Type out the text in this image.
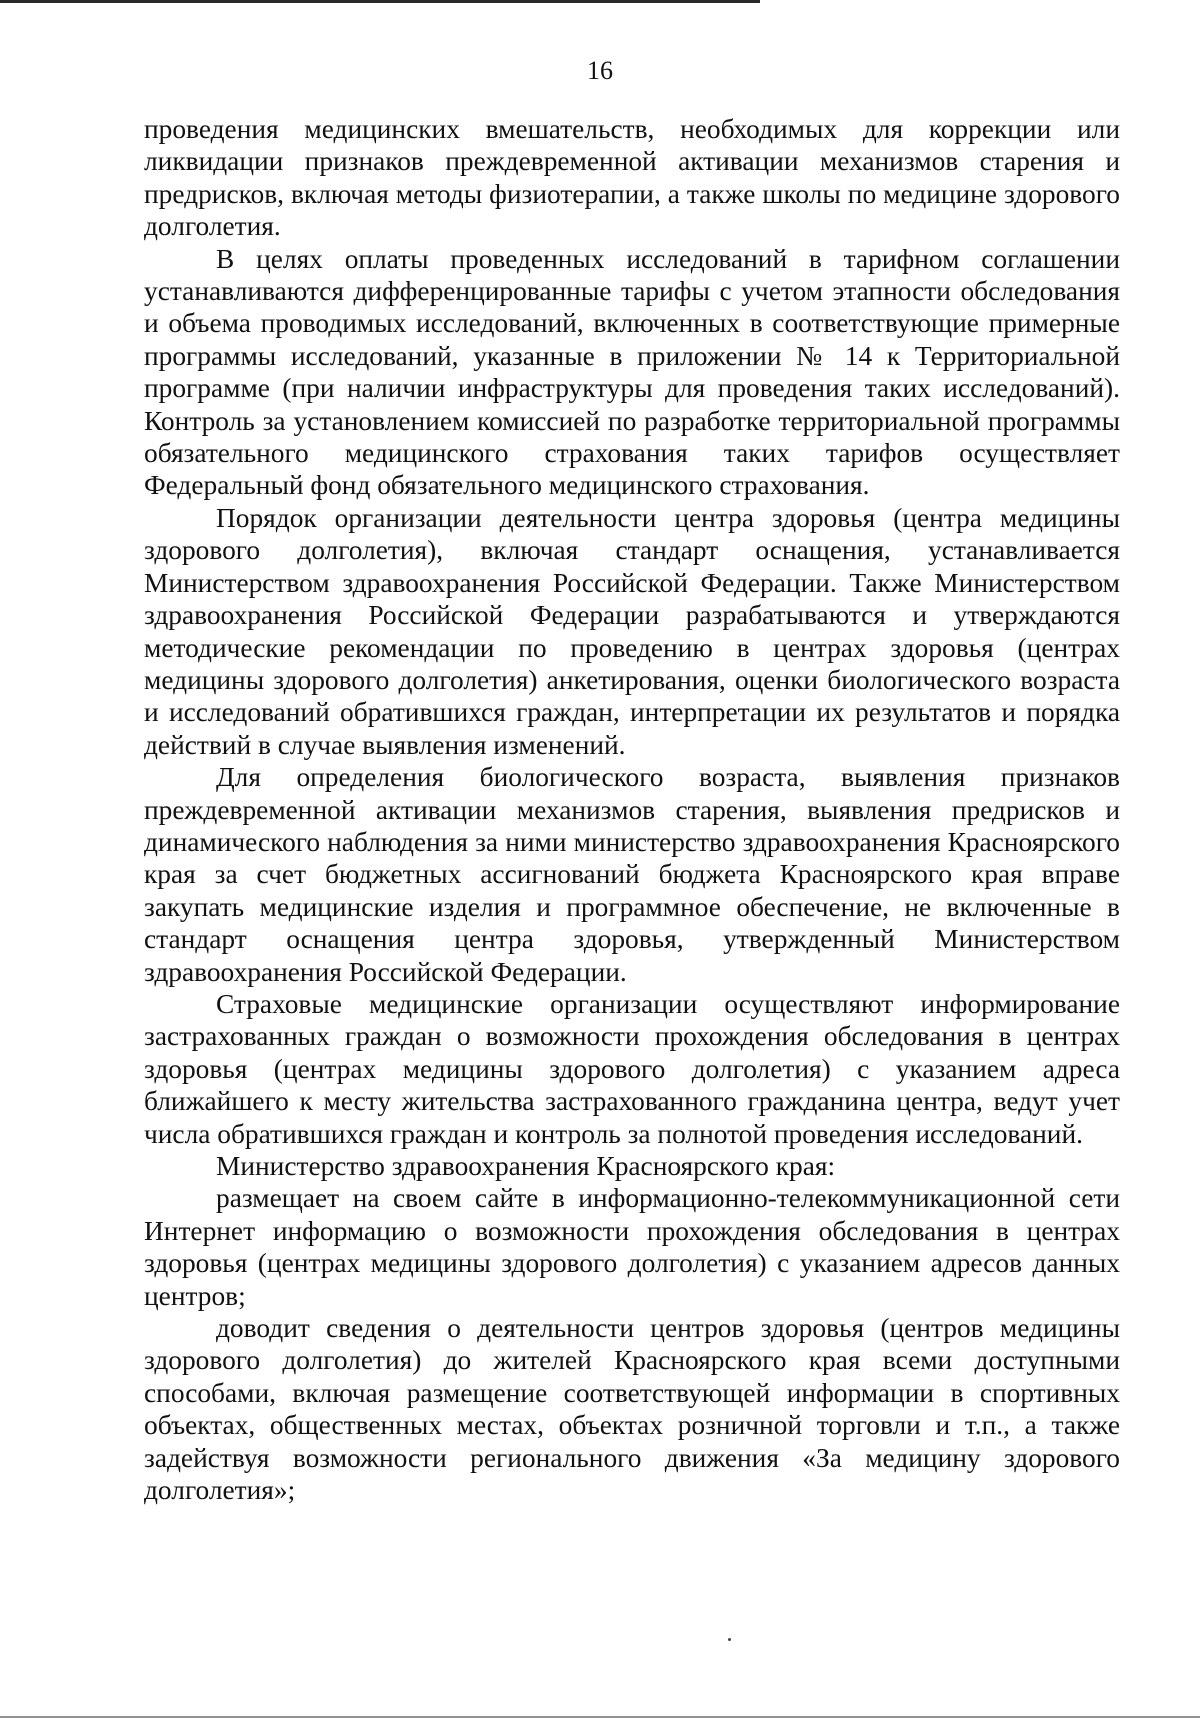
16

проведения медицинских вмешательств, необходимых для коррекции или ликвидации признаков преждевременной активации механизмов старения и предрисков, включая методы физиотерапии, а также школы по медицине здорового долголетия.

В целях оплаты проведенных исследований в тарифном соглашении устанавливаются дифференцированные тарифы с учетом этапности обследования и объема проводимых исследований, включенных в соответствующие примерные программы исследований, указанные в приложении № 14 к Территориальной программе (при наличии инфраструктуры для проведения таких исследований). Контроль за установлением комиссией по разработке территориальной программы обязательного медицинского страхования таких тарифов осуществляет Федеральный фонд обязательного медицинского страхования.

Порядок организации деятельности центра здоровья (центра медицины здорового долголетия), включая стандарт оснащения, устанавливается Министерством здравоохранения Российской Федерации. Также Министерством здравоохранения Российской Федерации разрабатываются и утверждаются методические рекомендации по проведению в центрах здоровья (центрах медицины здорового долголетия) анкетирования, оценки биологического возраста и исследований обратившихся граждан, интерпретации их результатов и порядка действий в случае выявления изменений.

Для определения биологического возраста, выявления признаков преждевременной активации механизмов старения, выявления предрисков и динамического наблюдения за ними министерство здравоохранения Красноярского края за счет бюджетных ассигнований бюджета Красноярского края вправе закупать медицинские изделия и программное обеспечение, не включенные в стандарт оснащения центра здоровья, утвержденный Министерством здравоохранения Российской Федерации.

Страховые медицинские организации осуществляют информирование застрахованных граждан о возможности прохождения обследования в центрах здоровья (центрах медицины здорового долголетия) с указанием адреса ближайшего к месту жительства застрахованного гражданина центра, ведут учет числа обратившихся граждан и контроль за полнотой проведения исследований.

Министерство здравоохранения Красноярского края:

размещает на своем сайте в информационно-телекоммуникационной сети Интернет информацию о возможности прохождения обследования в центрах здоровья (центрах медицины здорового долголетия) с указанием адресов данных центров;

доводит сведения о деятельности центров здоровья (центров медицины здорового долголетия) до жителей Красноярского края всеми доступными способами, включая размещение соответствующей информации в спортивных объектах, общественных местах, объектах розничной торговли и т.п., а также задействуя возможности регионального движения «За медицину здорового долголетия»;
